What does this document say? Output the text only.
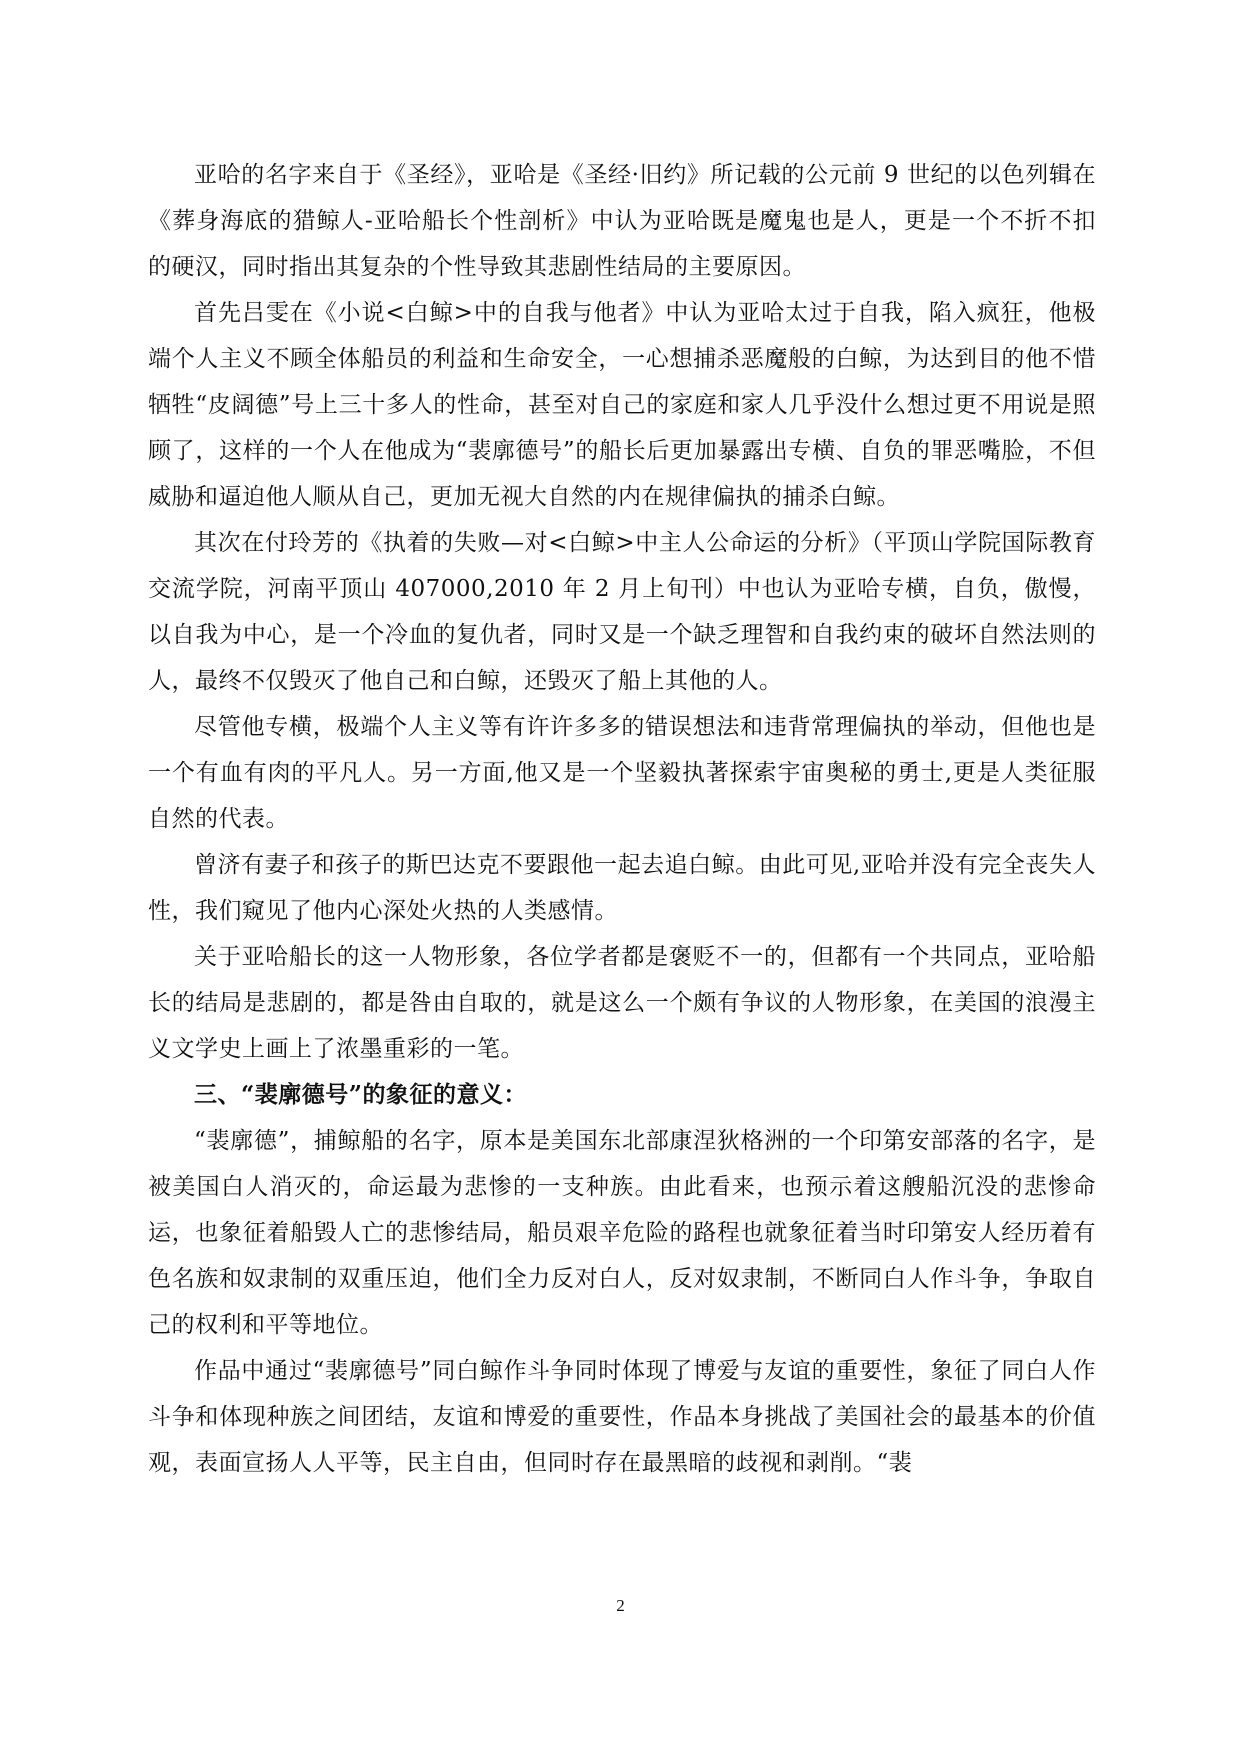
亚哈的名字来自于《圣经》，亚哈是《圣经·旧约》所记载的公元前 9 世纪的以色列辑在《葬身海底的猎鲸人-亚哈船长个性剖析》中认为亚哈既是魔鬼也是人，更是一个不折不扣的硬汉，同时指出其复杂的个性导致其悲剧性结局的主要原因。

首先吕雯在《小说<白鲸>中的自我与他者》中认为亚哈太过于自我，陷入疯狂，他极端个人主义不顾全体船员的利益和生命安全，一心想捕杀恶魔般的白鲸，为达到目的他不惜牺牲“皮阔德”号上三十多人的性命，甚至对自己的家庭和家人几乎没什么想过更不用说是照顾了，这样的一个人在他成为“裴廓德号”的船长后更加暴露出专横、自负的罪恶嘴脸，不但威胁和逼迫他人顺从自己，更加无视大自然的内在规律偏执的捕杀白鲸。

其次在付玲芳的《执着的失败—对<白鲸>中主人公命运的分析》（平顶山学院国际教育交流学院，河南平顶山 407000,2010 年 2 月上旬刊）中也认为亚哈专横，自负，傲慢，以自我为中心，是一个冷血的复仇者，同时又是一个缺乏理智和自我约束的破坏自然法则的人，最终不仅毁灭了他自己和白鲸，还毁灭了船上其他的人。

尽管他专横，极端个人主义等有许许多多的错误想法和违背常理偏执的举动，但他也是一个有血有肉的平凡人。另一方面,他又是一个坚毅执著探索宇宙奥秘的勇士,更是人类征服自然的代表。

曾济有妻子和孩子的斯巴达克不要跟他一起去追白鲸。由此可见,亚哈并没有完全丧失人性，我们窥见了他内心深处火热的人类感情。

关于亚哈船长的这一人物形象，各位学者都是褒贬不一的，但都有一个共同点，亚哈船长的结局是悲剧的，都是咎由自取的，就是这么一个颇有争议的人物形象，在美国的浪漫主义文学史上画上了浓墨重彩的一笔。

三、“裴廓德号”的象征的意义：

“裴廓德”，捕鲸船的名字，原本是美国东北部康涅狄格洲的一个印第安部落的名字，是被美国白人消灭的，命运最为悲惨的一支种族。由此看来，也预示着这艘船沉没的悲惨命运，也象征着船毁人亡的悲惨结局，船员艰辛危险的路程也就象征着当时印第安人经历着有色名族和奴隶制的双重压迫，他们全力反对白人，反对奴隶制，不断同白人作斗争，争取自己的权利和平等地位。

作品中通过“裴廓德号”同白鲸作斗争同时体现了博爱与友谊的重要性，象征了同白人作斗争和体现种族之间团结，友谊和博爱的重要性，作品本身挑战了美国社会的最基本的价值观，表面宣扬人人平等，民主自由，但同时存在最黑暗的歧视和剥削。“裴

2
